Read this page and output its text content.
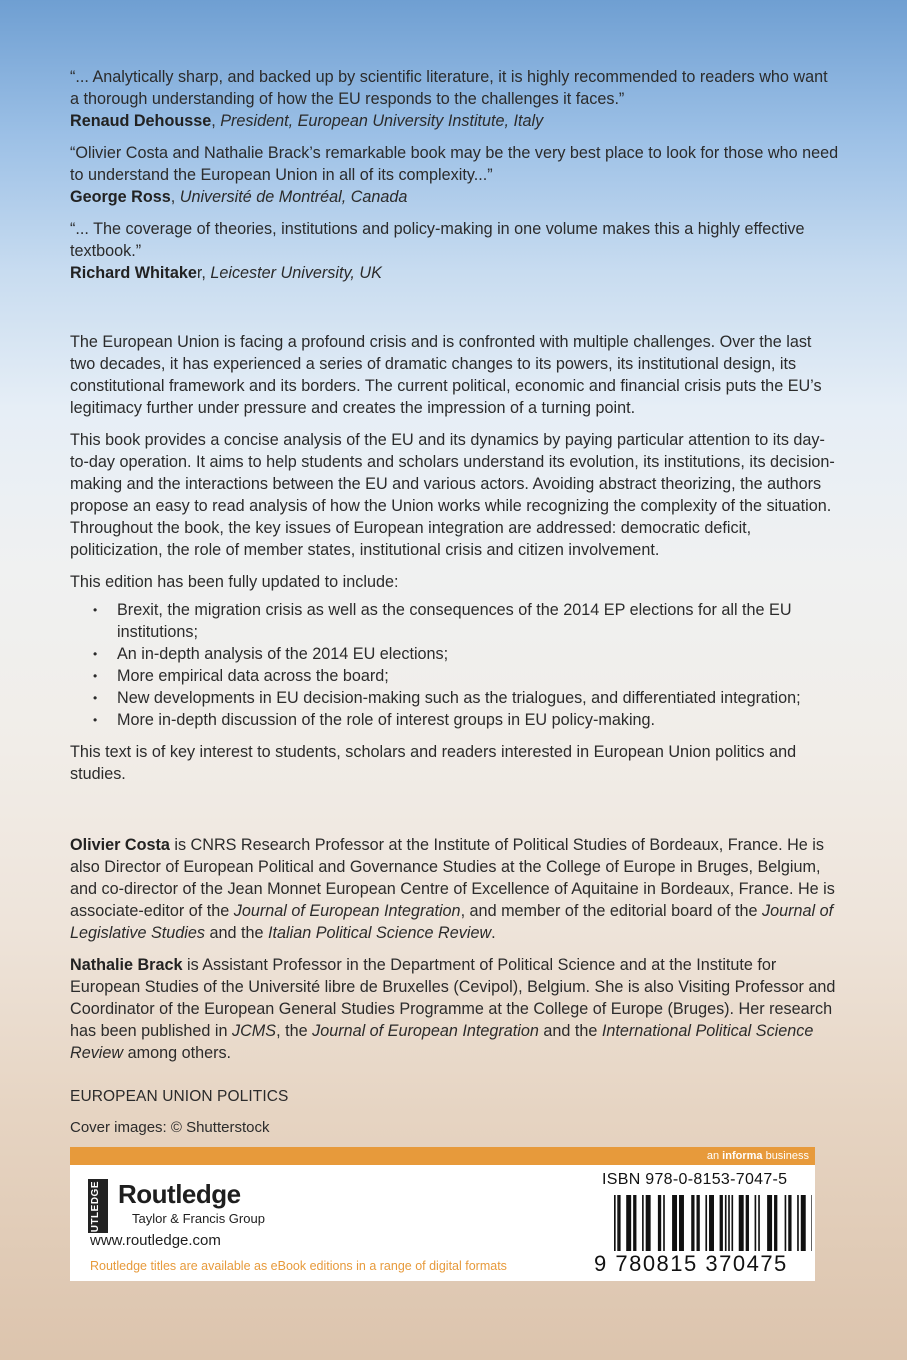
“... Analytically sharp, and backed up by scientific literature, it is highly recommended to readers who want a thorough understanding of how the EU responds to the challenges it faces.”

Renaud Dehousse, President, European University Institute, Italy

“Olivier Costa and Nathalie Brack’s remarkable book may be the very best place to look for those who need to understand the European Union in all of its complexity...”

George Ross, Université de Montréal, Canada

“... The coverage of theories, institutions and policy-making in one volume makes this a highly effective textbook.”

Richard Whitaker, Leicester University, UK

The European Union is facing a profound crisis and is confronted with multiple challenges. Over the last two decades, it has experienced a series of dramatic changes to its powers, its institutional design, its constitutional framework and its borders. The current political, economic and financial crisis puts the EU’s legitimacy further under pressure and creates the impression of a turning point.

This book provides a concise analysis of the EU and its dynamics by paying particular attention to its day-to-day operation. It aims to help students and scholars understand its evolution, its institutions, its decision-making and the interactions between the EU and various actors. Avoiding abstract theorizing, the authors propose an easy to read analysis of how the Union works while recognizing the complexity of the situation. Throughout the book, the key issues of European integration are addressed: democratic deficit, politicization, the role of member states, institutional crisis and citizen involvement.

This edition has been fully updated to include:

• Brexit, the migration crisis as well as the consequences of the 2014 EP elections for all the EU institutions;
• An in-depth analysis of the 2014 EU elections;
• More empirical data across the board;
• New developments in EU decision-making such as the trialogues, and differentiated integration;
• More in-depth discussion of the role of interest groups in EU policy-making.

This text is of key interest to students, scholars and readers interested in European Union politics and studies.

Olivier Costa is CNRS Research Professor at the Institute of Political Studies of Bordeaux, France. He is also Director of European Political and Governance Studies at the College of Europe in Bruges, Belgium, and co-director of the Jean Monnet European Centre of Excellence of Aquitaine in Bordeaux, France. He is associate-editor of the Journal of European Integration, and member of the editorial board of the Journal of Legislative Studies and the Italian Political Science Review.

Nathalie Brack is Assistant Professor in the Department of Political Science and at the Institute for European Studies of the Université libre de Bruxelles (Cevipol), Belgium. She is also Visiting Professor and Coordinator of the European General Studies Programme at the College of Europe (Bruges). Her research has been published in JCMS, the Journal of European Integration and the International Political Science Review among others.

EUROPEAN UNION POLITICS
Cover images: © Shutterstock
an informa business
ROUTLEDGE Routledge
Taylor & Francis Group
www.routledge.com
Routledge titles are available as eBook editions in a range of digital formats
ISBN 978-0-8153-7047-5
9 780815 370475
